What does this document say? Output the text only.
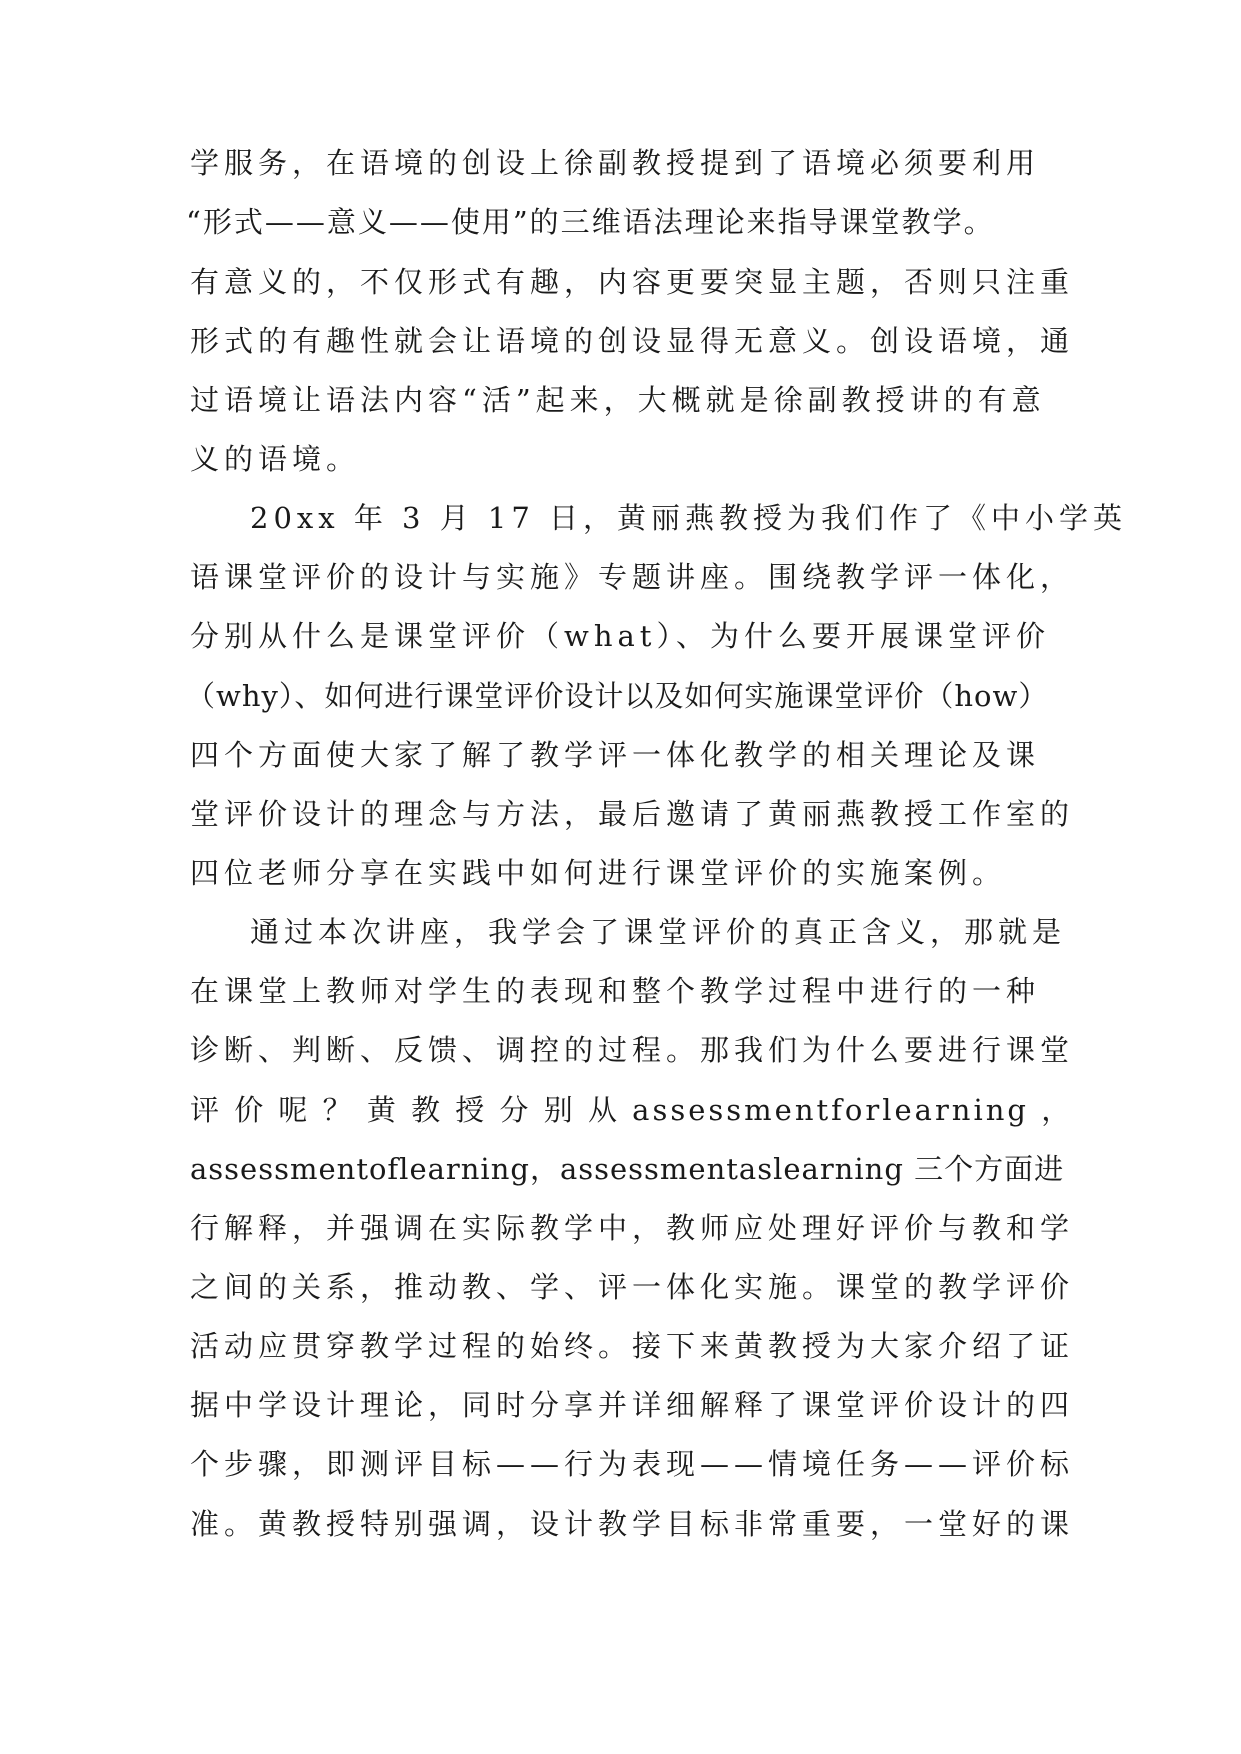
学服务，在语境的创设上徐副教授提到了语境必须要利用
“形式——意义——使用”的三维语法理论来指导课堂教学。
有意义的，不仅形式有趣，内容更要突显主题，否则只注重
形式的有趣性就会让语境的创设显得无意义。创设语境，通
过语境让语法内容“活”起来，大概就是徐副教授讲的有意
义的语境。
20xx 年 3 月 17 日，黄丽燕教授为我们作了《中小学英
语课堂评价的设计与实施》专题讲座。围绕教学评一体化，
分别从什么是课堂评价（what）、为什么要开展课堂评价
（why）、如何进行课堂评价设计以及如何实施课堂评价（how）
四个方面使大家了解了教学评一体化教学的相关理论及课
堂评价设计的理念与方法，最后邀请了黄丽燕教授工作室的
四位老师分享在实践中如何进行课堂评价的实施案例。
通过本次讲座，我学会了课堂评价的真正含义，那就是
在课堂上教师对学生的表现和整个教学过程中进行的一种
诊断、判断、反馈、调控的过程。那我们为什么要进行课堂
评 价 呢 ？ 黄 教 授 分 别 从 assessmentforlearning ，
assessmentoflearning，assessmentaslearning 三个方面进
行解释，并强调在实际教学中，教师应处理好评价与教和学
之间的关系，推动教、学、评一体化实施。课堂的教学评价
活动应贯穿教学过程的始终。接下来黄教授为大家介绍了证
据中学设计理论，同时分享并详细解释了课堂评价设计的四
个步骤，即测评目标——行为表现——情境任务——评价标
准。黄教授特别强调，设计教学目标非常重要，一堂好的课
